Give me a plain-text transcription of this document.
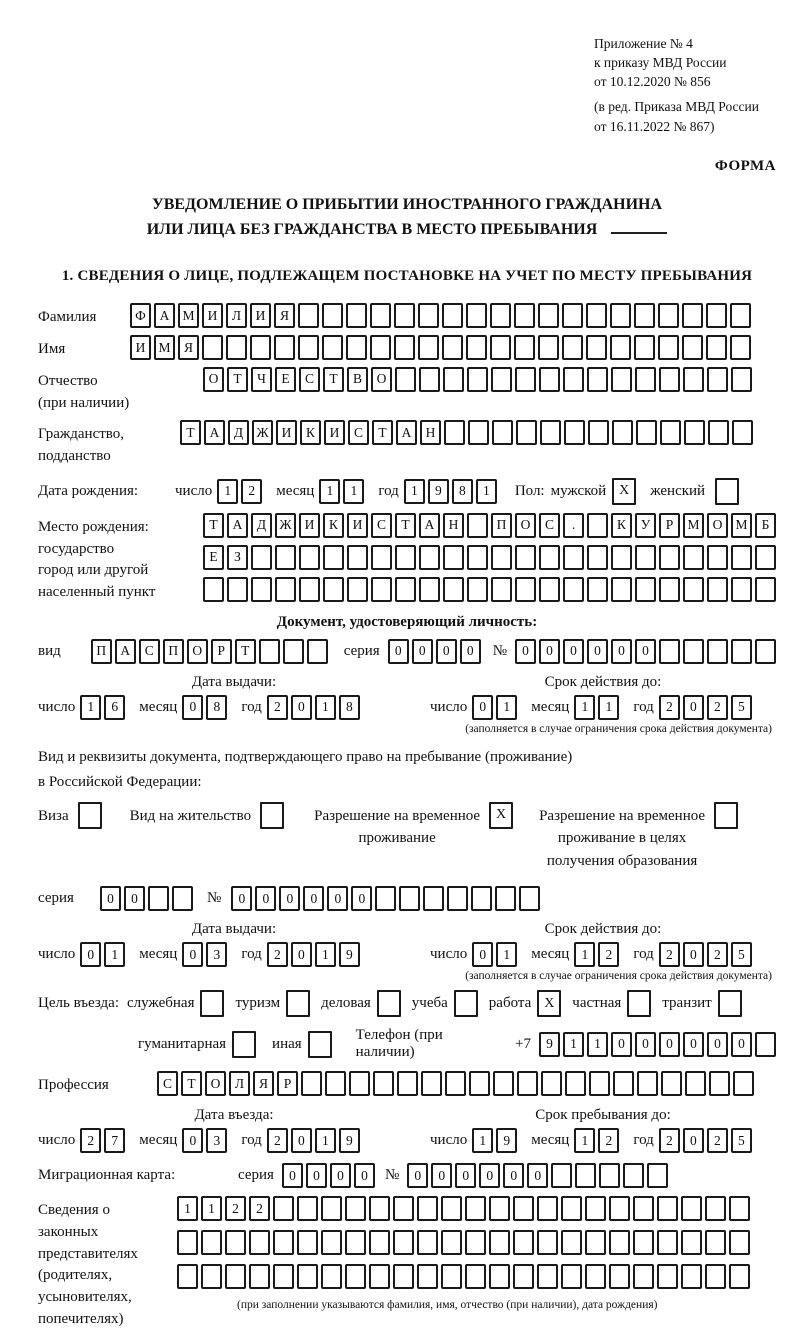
Приложение № 4
к приказу МВД России
от 10.12.2020 № 856
(в ред. Приказа МВД России
от 16.11.2022 № 867)
ФОРМА
УВЕДОМЛЕНИЕ О ПРИБЫТИИ ИНОСТРАННОГО ГРАЖДАНИНА
ИЛИ ЛИЦА БЕЗ ГРАЖДАНСТВА В МЕСТО ПРЕБЫВАНИЯ
1. СВЕДЕНИЯ О ЛИЦЕ, ПОДЛЕЖАЩЕМ ПОСТАНОВКЕ НА УЧЕТ ПО МЕСТУ ПРЕБЫВАНИЯ
Фамилия	Ф	А М И	Л	И	Я
Имя	И М Я
Отчество
(при наличии)
О	Т	Ч	Е	С	Т	В	О
Гражданство,
подданство
Т	А	Д Ж И	К	И	С	Т	А	Н
Дата рождения:	число 1	2	месяц 1	1	год 1	9	8	1	Пол: мужской X	женский
Место рождения:
государство
город или другой
населенный пункт
Т	А	Д Ж И	К	И	С	Т	А	Н	П	О	С	.	К	У	Р	М О М	Б
Е	З
Документ, удостоверяющий личность:
вид	П	А	С	П	О	Р	Т	серия	0	0	0	0	№	0	0	0	0	0	0
Дата выдачи:
число 1	6	месяц 0	8	год 2	0	1	8
Срок действия до:
число 0	1	месяц 1	1	год 2	0	2	5
(заполняется в случае ограничения срока действия документа)
Вид и реквизиты документа, подтверждающего право на пребывание (проживание)
в Российской Федерации:
Виза	Вид на жительство	Разрешение на временное
проживание
X	Разрешение на временное
проживание в целях
получения образования
серия	0	0	№	0	0	0	0	0	0
Дата выдачи:
число 0	1	месяц 0	3	год 2	0	1	9
Срок действия до:
число 0	1	месяц 1	2	год 2	0	2	5
(заполняется в случае ограничения срока действия документа)
Цель въезда: служебная	туризм	деловая	учеба	работа X	частная	транзит
гуманитарная	иная
Телефон (при наличии)
+7	9	1	1	0	0	0	0	0	0
Профессия	С	Т	О	Л	Я	Р
Дата въезда:
число 2	7	месяц 0	3	год 2	0	1	9
Срок пребывания до:
число 1	9	месяц 1	2	год 2	0	2	5
Миграционная карта:	серия	0	0	0	0	№	0	0	0	0	0	0
Сведения о
законных
представителях
(родителях,
усыновителях,
попечителях)
1	1	2	2
(при заполнении указываются фамилия, имя, отчество (при наличии), дата рождения)
